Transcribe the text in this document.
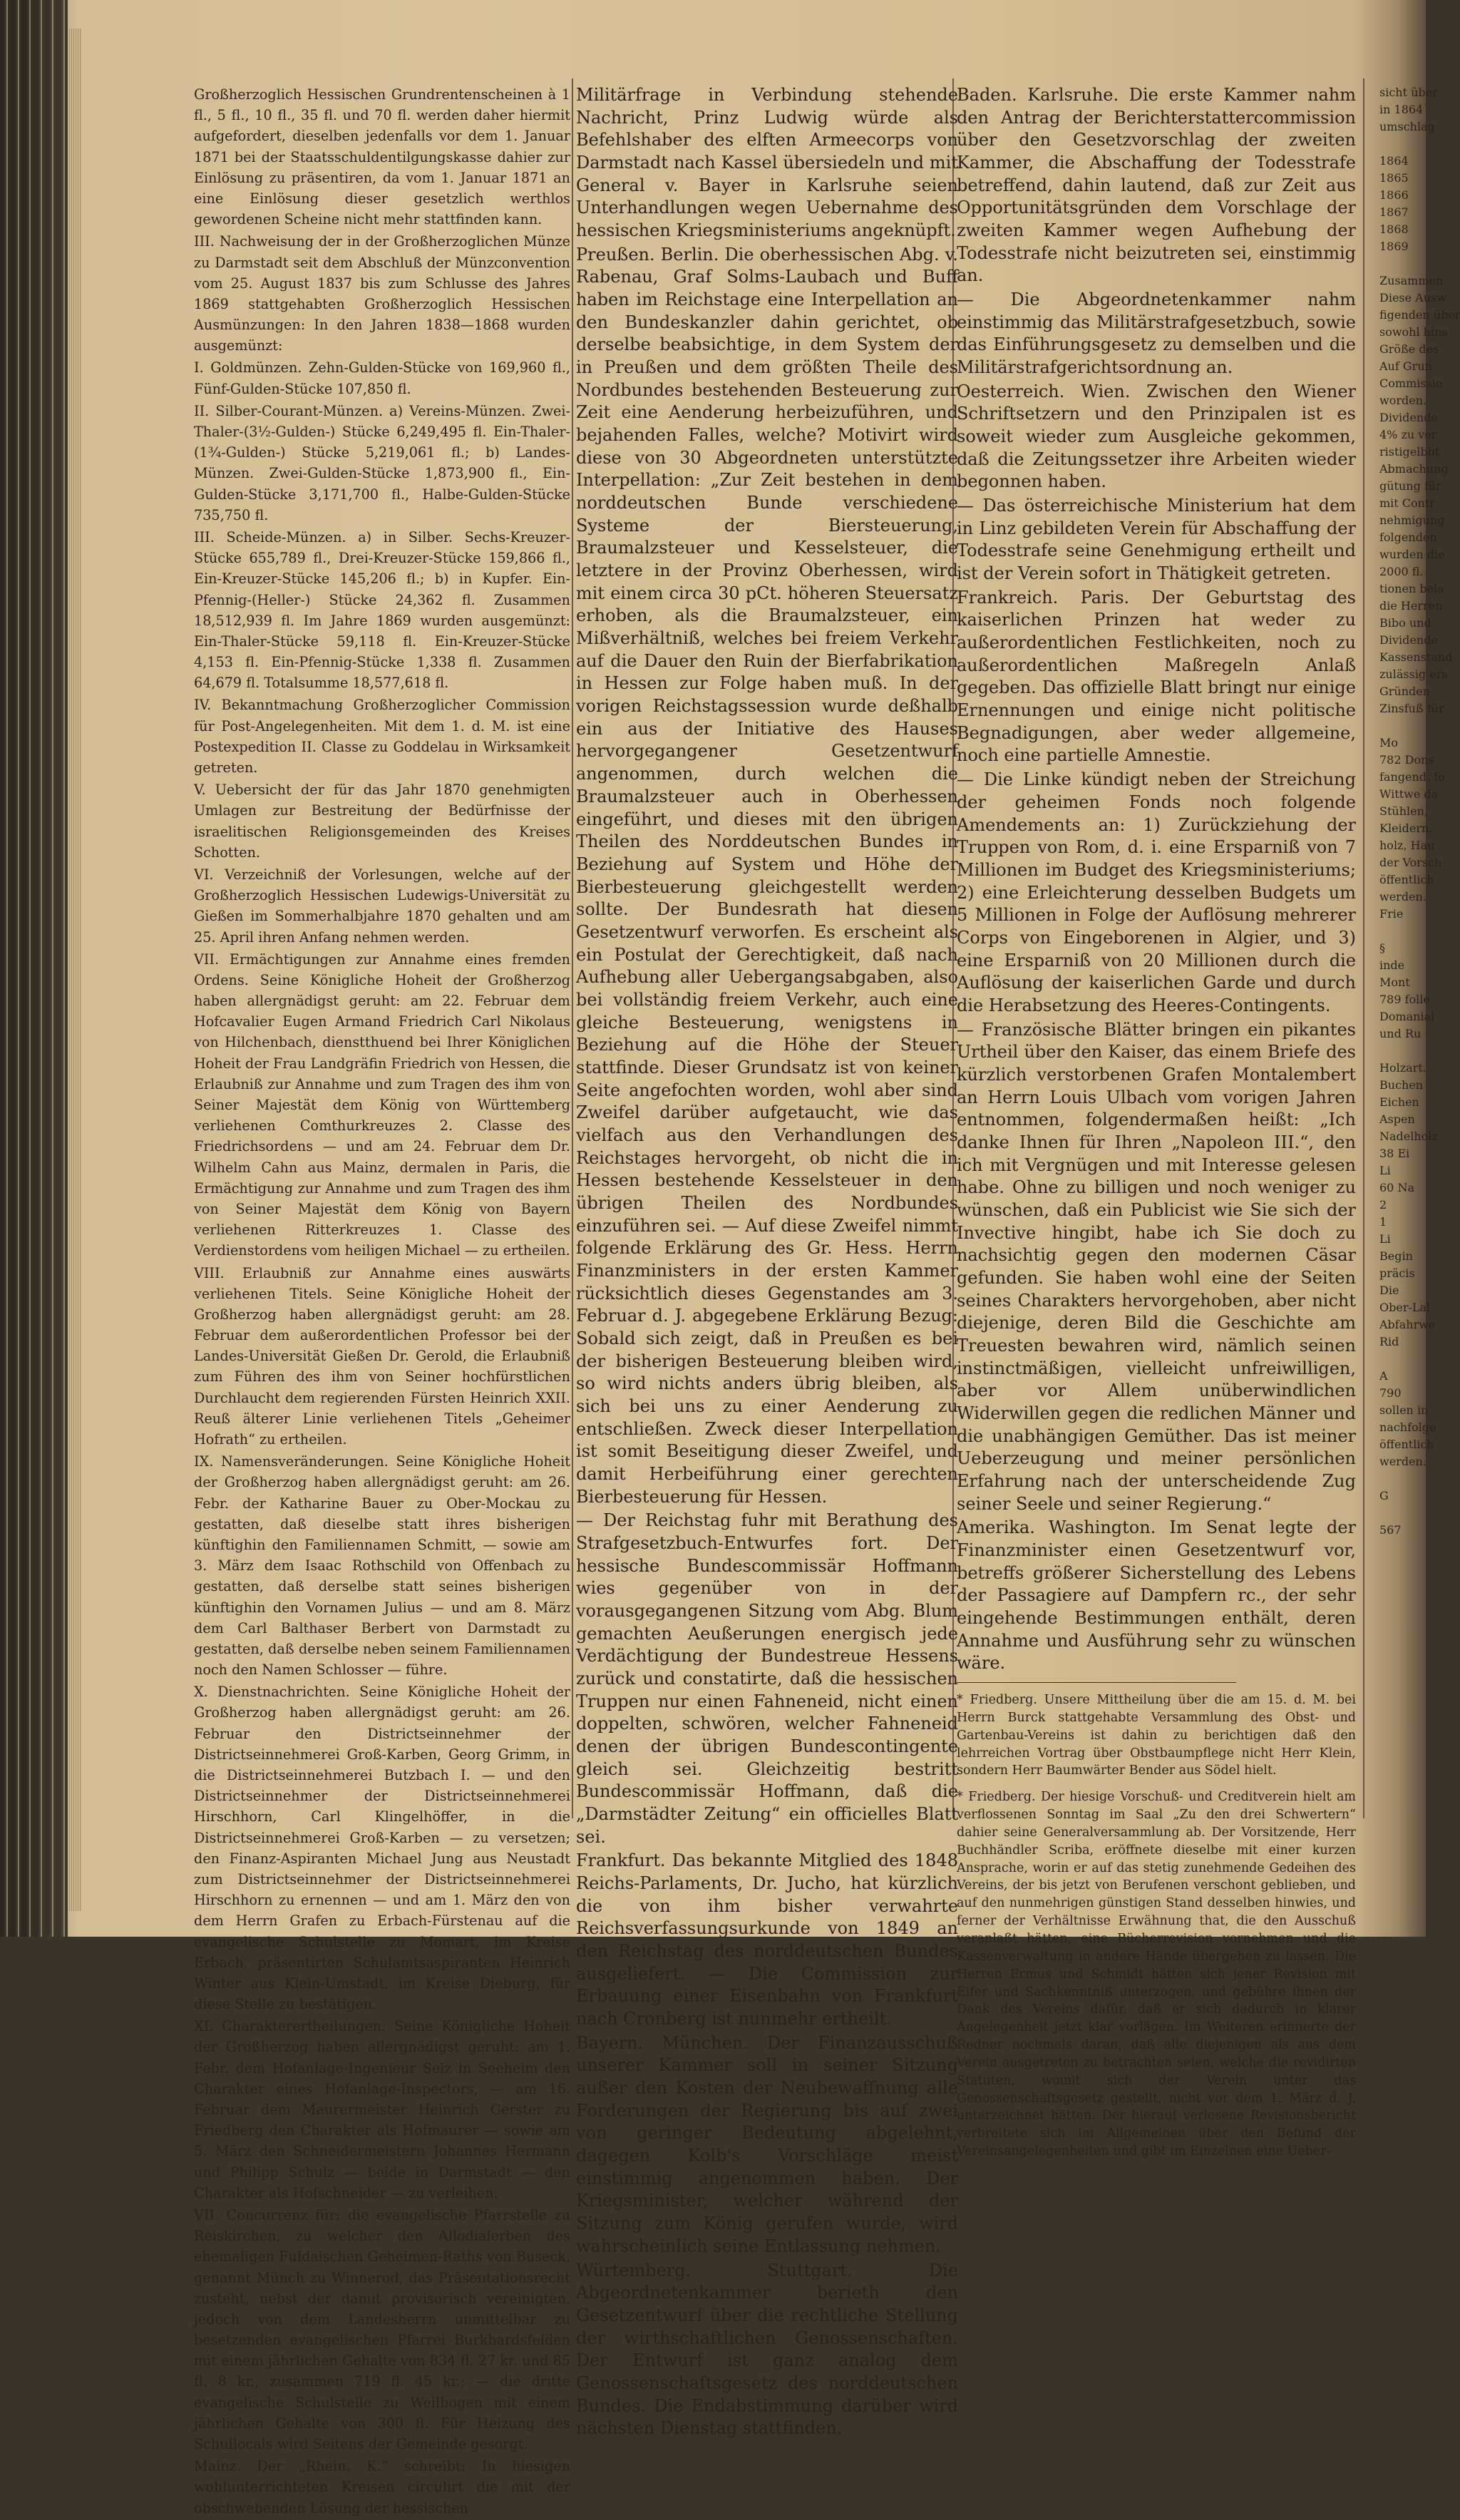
Großherzoglich Hessischen Grundrentenscheinen à 1 fl., 5 fl., 10 fl., 35 fl. und 70 fl. werden daher hiermit aufgefordert, dieselben jedenfalls vor dem 1. Januar 1871 bei der Staatsschuldentilgungskasse dahier zur Einlösung zu präsentiren, da vom 1. Januar 1871 an eine Einlösung dieser gesetzlich werthlos gewordenen Scheine nicht mehr stattfinden kann.

III. Nachweisung der in der Großherzoglichen Münze zu Darmstadt seit dem Abschluß der Münzconvention vom 25. August 1837 bis zum Schlusse des Jahres 1869 stattgehabten Großherzoglich Hessischen Ausmünzungen: In den Jahren 1838—1868 wurden ausgemünzt:

I. Goldmünzen. Zehn-Gulden-Stücke von 169,960 fl., Fünf-Gulden-Stücke 107,850 fl.

II. Silber-Courant-Münzen. a) Vereins-Münzen. Zwei-Thaler-(3½-Gulden-) Stücke 6,249,495 fl. Ein-Thaler-(1¾-Gulden-) Stücke 5,219,061 fl.; b) Landes-Münzen. Zwei-Gulden-Stücke 1,873,900 fl., Ein-Gulden-Stücke 3,171,700 fl., Halbe-Gulden-Stücke 735,750 fl.

III. Scheide-Münzen. a) in Silber. Sechs-Kreuzer-Stücke 655,789 fl., Drei-Kreuzer-Stücke 159,866 fl., Ein-Kreuzer-Stücke 145,206 fl.; b) in Kupfer. Ein-Pfennig-(Heller-) Stücke 24,362 fl. Zusammen 18,512,939 fl. Im Jahre 1869 wurden ausgemünzt: Ein-Thaler-Stücke 59,118 fl. Ein-Kreuzer-Stücke 4,153 fl. Ein-Pfennig-Stücke 1,338 fl. Zusammen 64,679 fl. Totalsumme 18,577,618 fl.

IV. Bekanntmachung Großherzoglicher Commission für Post-Angelegenheiten. Mit dem 1. d. M. ist eine Postexpedition II. Classe zu Goddelau in Wirksamkeit getreten.

V. Uebersicht der für das Jahr 1870 genehmigten Umlagen zur Bestreitung der Bedürfnisse der israelitischen Religionsgemeinden des Kreises Schotten.

VI. Verzeichniß der Vorlesungen, welche auf der Großherzoglich Hessischen Ludewigs-Universität zu Gießen im Sommerhalbjahre 1870 gehalten und am 25. April ihren Anfang nehmen werden.

VII. Ermächtigungen zur Annahme eines fremden Ordens. Seine Königliche Hoheit der Großherzog haben allergnädigst geruht: am 22. Februar dem Hofcavalier Eugen Armand Friedrich Carl Nikolaus von Hilchenbach, dienstthuend bei Ihrer Königlichen Hoheit der Frau Landgräfin Friedrich von Hessen, die Erlaubniß zur Annahme und zum Tragen des ihm von Seiner Majestät dem König von Württemberg verliehenen Comthurkreuzes 2. Classe des Friedrichsordens — und am 24. Februar dem Dr. Wilhelm Cahn aus Mainz, dermalen in Paris, die Ermächtigung zur Annahme und zum Tragen des ihm von Seiner Majestät dem König von Bayern verliehenen Ritterkreuzes 1. Classe des Verdienstordens vom heiligen Michael — zu ertheilen.

VIII. Erlaubniß zur Annahme eines auswärts verliehenen Titels. Seine Königliche Hoheit der Großherzog haben allergnädigst geruht: am 28. Februar dem außerordentlichen Professor bei der Landes-Universität Gießen Dr. Gerold, die Erlaubniß zum Führen des ihm von Seiner hochfürstlichen Durchlaucht dem regierenden Fürsten Heinrich XXII. Reuß älterer Linie verliehenen Titels „Geheimer Hofrath“ zu ertheilen.

IX. Namensveränderungen. Seine Königliche Hoheit der Großherzog haben allergnädigst geruht: am 26. Febr. der Katharine Bauer zu Ober-Mockau zu gestatten, daß dieselbe statt ihres bisherigen künftighin den Familiennamen Schmitt, — sowie am 3. März dem Isaac Rothschild von Offenbach zu gestatten, daß derselbe statt seines bisherigen künftighin den Vornamen Julius — und am 8. März dem Carl Balthaser Berbert von Darmstadt zu gestatten, daß derselbe neben seinem Familiennamen noch den Namen Schlosser — führe.

X. Dienstnachrichten. Seine Königliche Hoheit der Großherzog haben allergnädigst geruht: am 26. Februar den Districtseinnehmer der Districtseinnehmerei Groß-Karben, Georg Grimm, in die Districtseinnehmerei Butzbach I. — und den Districtseinnehmer der Districtseinnehmerei Hirschhorn, Carl Klingelhöffer, in die Districtseinnehmerei Groß-Karben — zu versetzen; den Finanz-Aspiranten Michael Jung aus Neustadt zum Districtseinnehmer der Districtseinnehmerei Hirschhorn zu ernennen — und am 1. März den von dem Herrn Grafen zu Erbach-Fürstenau auf die evangelische Schulstelle zu Momart, im Kreise Erbach, präsentirten Schulamtsaspiranten Heinrich Winter aus Klein-Umstadt, im Kreise Dieburg, für diese Stelle zu bestätigen.

XI. Charakterertheilungen. Seine Königliche Hoheit der Großherzog haben allergnädigst geruht: am 1. Febr. dem Hofanlage-Ingenieur Seiz in Seeheim den Charakter eines Hofanlage-Inspectors, — am 16. Februar dem Maurermeister Heinrich Gerster zu Friedberg den Charakter als Hofmaurer — sowie am 5. März den Schneidermeistern Johannes Hermann und Philipp Schulz — beide in Darmstadt — den Charakter als Hofschneider — zu verleihen.

VII. Concurrenz für: die evangelische Pfarrstelle zu Reiskirchen, zu welcher den Allodialerben des ehemaligen Fuldaischen Geheimen-Raths von Buseck, genannt Münch zu Winnerod, das Präsentationsrecht zusteht, nebst der damit provisorisch vereinigten, jedoch von dem Landesherrn unmittelbar zu besetzenden evangelischen Pfarrei Burkhardsfelden mit einem jährlichen Gehalte von 834 fl. 27 kr. und 85 fl. 8 kr., zusammen 719 fl. 45 kr.; — die dritte evangelische Schulstelle zu Weilbogen mit einem jährlichen Gehalte von 300 fl. Für Heizung des Schullocals wird Seitens der Gemeinde gesorgt.

Mainz. Der „Rhein. K.“ schreibt: In hiesigen wohlunterrichteten Kreisen circulirt die mit der obschwebenden Lösung der hessischen

Militärfrage in Verbindung stehende Nachricht, Prinz Ludwig würde als Befehlshaber des elften Armeecorps von Darmstadt nach Kassel übersiedeln und mit General v. Bayer in Karlsruhe seien Unterhandlungen wegen Uebernahme des hessischen Kriegsministeriums angeknüpft.

Preußen. Berlin. Die oberhessischen Abg. v. Rabenau, Graf Solms-Laubach und Buff haben im Reichstage eine Interpellation an den Bundeskanzler dahin gerichtet, ob derselbe beabsichtige, in dem System der in Preußen und dem größten Theile des Nordbundes bestehenden Besteuerung zur Zeit eine Aenderung herbeizuführen, und bejahenden Falles, welche? Motivirt wird diese von 30 Abgeordneten unterstützte Interpellation: „Zur Zeit bestehen in dem norddeutschen Bunde verschiedene Systeme der Biersteuerung, Braumalzsteuer und Kesselsteuer, die letztere in der Provinz Oberhessen, wird mit einem circa 30 pCt. höheren Steuersatz erhoben, als die Braumalzsteuer, ein Mißverhältniß, welches bei freiem Verkehr auf die Dauer den Ruin der Bierfabrikation in Hessen zur Folge haben muß. In der vorigen Reichstagssession wurde deßhalb ein aus der Initiative des Hauses hervorgegangener Gesetzentwurf angenommen, durch welchen die Braumalzsteuer auch in Oberhessen eingeführt, und dieses mit den übrigen Theilen des Norddeutschen Bundes in Beziehung auf System und Höhe der Bierbesteuerung gleichgestellt werden sollte. Der Bundesrath hat diesen Gesetzentwurf verworfen. Es erscheint als ein Postulat der Gerechtigkeit, daß nach Aufhebung aller Uebergangsabgaben, also bei vollständig freiem Verkehr, auch eine gleiche Besteuerung, wenigstens in Beziehung auf die Höhe der Steuer stattfinde. Dieser Grundsatz ist von keiner Seite angefochten worden, wohl aber sind Zweifel darüber aufgetaucht, wie das vielfach aus den Verhandlungen des Reichstages hervorgeht, ob nicht die in Hessen bestehende Kesselsteuer in den übrigen Theilen des Nordbundes einzuführen sei. — Auf diese Zweifel nimmt folgende Erklärung des Gr. Hess. Herrn Finanzministers in der ersten Kammer rücksichtlich dieses Gegenstandes am 3. Februar d. J. abgegebene Erklärung Bezug: Sobald sich zeigt, daß in Preußen es bei der bisherigen Besteuerung bleiben wird, so wird nichts anders übrig bleiben, als sich bei uns zu einer Aenderung zu entschließen. Zweck dieser Interpellation ist somit Beseitigung dieser Zweifel, und damit Herbeiführung einer gerechten Bierbesteuerung für Hessen.

— Der Reichstag fuhr mit Berathung des Strafgesetzbuch-Entwurfes fort. Der hessische Bundescommissär Hoffmann wies gegenüber von in der vorausgegangenen Sitzung vom Abg. Blum gemachten Aeußerungen energisch jede Verdächtigung der Bundestreue Hessens zurück und constatirte, daß die hessischen Truppen nur einen Fahneneid, nicht einen doppelten, schwören, welcher Fahneneid denen der übrigen Bundescontingente gleich sei. Gleichzeitig bestritt Bundescommissär Hoffmann, daß die „Darmstädter Zeitung“ ein officielles Blatt sei.

Frankfurt. Das bekannte Mitglied des 1848 Reichs-Parlaments, Dr. Jucho, hat kürzlich die von ihm bisher verwahrte Reichsverfassungsurkunde von 1849 an den Reichstag des norddeutschen Bundes ausgeliefert. — Die Commission zur Erbauung einer Eisenbahn von Frankfurt nach Cronberg ist nunmehr ertheilt.

Bayern. München. Der Finanzausschuß unserer Kammer soll in seiner Sitzung außer den Kosten der Neubewaffnung alle Forderungen der Regierung bis auf zwei von geringer Bedeutung abgelehnt, dagegen Kolb's Vorschläge meist einstimmig angenommen haben. Der Kriegsminister, welcher während der Sitzung zum König gerufen wurde, wird wahrscheinlich seine Entlassung nehmen.

Würtemberg. Stuttgart. Die Abgeordnetenkammer berieth den Gesetzentwurf über die rechtliche Stellung der wirthschaftlichen Genossenschaften. Der Entwurf ist ganz analog dem Genossenschaftsgesetz des norddeutschen Bundes. Die Endabstimmung darüber wird nächsten Dienstag stattfinden.

Baden. Karlsruhe. Die erste Kammer nahm den Antrag der Berichterstattercommission über den Gesetzvorschlag der zweiten Kammer, die Abschaffung der Todesstrafe betreffend, dahin lautend, daß zur Zeit aus Opportunitätsgründen dem Vorschlage der zweiten Kammer wegen Aufhebung der Todesstrafe nicht beizutreten sei, einstimmig an.

— Die Abgeordnetenkammer nahm einstimmig das Militärstrafgesetzbuch, sowie das Einführungsgesetz zu demselben und die Militärstrafgerichtsordnung an.

Oesterreich. Wien. Zwischen den Wiener Schriftsetzern und den Prinzipalen ist es soweit wieder zum Ausgleiche gekommen, daß die Zeitungssetzer ihre Arbeiten wieder begonnen haben.

— Das österreichische Ministerium hat dem in Linz gebildeten Verein für Abschaffung der Todesstrafe seine Genehmigung ertheilt und ist der Verein sofort in Thätigkeit getreten.

Frankreich. Paris. Der Geburtstag des kaiserlichen Prinzen hat weder zu außerordentlichen Festlichkeiten, noch zu außerordentlichen Maßregeln Anlaß gegeben. Das offizielle Blatt bringt nur einige Ernennungen und einige nicht politische Begnadigungen, aber weder allgemeine, noch eine partielle Amnestie.

— Die Linke kündigt neben der Streichung der geheimen Fonds noch folgende Amendements an: 1) Zurückziehung der Truppen von Rom, d. i. eine Ersparniß von 7 Millionen im Budget des Kriegsministeriums; 2) eine Erleichterung desselben Budgets um 5 Millionen in Folge der Auflösung mehrerer Corps von Eingeborenen in Algier, und 3) eine Ersparniß von 20 Millionen durch die Auflösung der kaiserlichen Garde und durch die Herabsetzung des Heeres-Contingents.

— Französische Blätter bringen ein pikantes Urtheil über den Kaiser, das einem Briefe des kürzlich verstorbenen Grafen Montalembert an Herrn Louis Ulbach vom vorigen Jahren entnommen, folgendermaßen heißt: „Ich danke Ihnen für Ihren „Napoleon III.“, den ich mit Vergnügen und mit Interesse gelesen habe. Ohne zu billigen und noch weniger zu wünschen, daß ein Publicist wie Sie sich der Invective hingibt, habe ich Sie doch zu nachsichtig gegen den modernen Cäsar gefunden. Sie haben wohl eine der Seiten seines Charakters hervorgehoben, aber nicht diejenige, deren Bild die Geschichte am Treuesten bewahren wird, nämlich seinen instinctmäßigen, vielleicht unfreiwilligen, aber vor Allem unüberwindlichen Widerwillen gegen die redlichen Männer und die unabhängigen Gemüther. Das ist meiner Ueberzeugung und meiner persönlichen Erfahrung nach der unterscheidende Zug seiner Seele und seiner Regierung.“

Amerika. Washington. Im Senat legte der Finanzminister einen Gesetzentwurf vor, betreffs größerer Sicherstellung des Lebens der Passagiere auf Dampfern rc., der sehr eingehende Bestimmungen enthält, deren Annahme und Ausführung sehr zu wünschen wäre.

* Friedberg. Unsere Mittheilung über die am 15. d. M. bei Herrn Burck stattgehabte Versammlung des Obst- und Gartenbau-Vereins ist dahin zu berichtigen daß den lehrreichen Vortrag über Obstbaumpflege nicht Herr Klein, sondern Herr Baumwärter Bender aus Södel hielt.

* Friedberg. Der hiesige Vorschuß- und Creditverein hielt am verflossenen Sonntag im Saal „Zu den drei Schwertern“ dahier seine Generalversammlung ab. Der Vorsitzende, Herr Buchhändler Scriba, eröffnete dieselbe mit einer kurzen Ansprache, worin er auf das stetig zunehmende Gedeihen des Vereins, der bis jetzt von Berufenen verschont geblieben, und auf den nunmehrigen günstigen Stand desselben hinwies, und ferner der Verhältnisse Erwähnung that, die den Ausschuß veranlaßt hätten, eine Bücherrevision vornehmen und die Kassenverwaltung in andere Hände übergehen zu lassen. Die Herren Ermus und Schmidt hätten sich jener Revision mit Eifer und Sachkenntniß unterzogen, und gebühre ihnen der Dank des Vereins dafür, daß er sich dadurch in klarer Angelegenheit jetzt klar vorlägen. Im Weiteren erinnerte der Redner nochmals daran, daß alle diejenigen als aus dem Verein ausgetreten zu betrachten seien, welche die revidirten Statuten, womit sich der Verein unter das Genossenschaftsgesetz gestellt, nicht vor dem 1. März d. J. unterzeichnet hätten. Der hierauf verlesene Revisionsbericht verbreitete sich im Allgemeinen über den Befund der Vereinsangelegenheiten und gibt im Einzelnen eine Ueber-

sicht über
in 1864
umschlag
1864
1865
1866
1867
1868
1869
Zusammen
Diese Ausw
figenden über
sowohl hins
Größe des
Auf Grun
Commissio
worden.
Dividende
4% zu ver
ristigelbbt
Abmachung
gütung für
mit Contr
nehmigung
folgenden
wurden die
2000 fl.
tionen bela
die Herren
Bibo und
Dividende
Kassenstand
zulässig ers
Gründen
Zinsfuß für
Mo
782 Dons
fangend, fo
Wittwe da
Stühlen,
Kleidern,
holz, Hau
der Vorsch
öffentlich
werden.
Frie
§
inde
Mont
789 folle
Domanial
und Ru
Holzart.
Buchen
Eichen
Aspen
Nadelholz
38 Ei
Li
60 Na
2
1
Li
Begin
präcis
Die
Ober-Lal
Abfahrwe
Rid
A
790
sollen in
nachfolge
öffentlich
werden.
G
567
